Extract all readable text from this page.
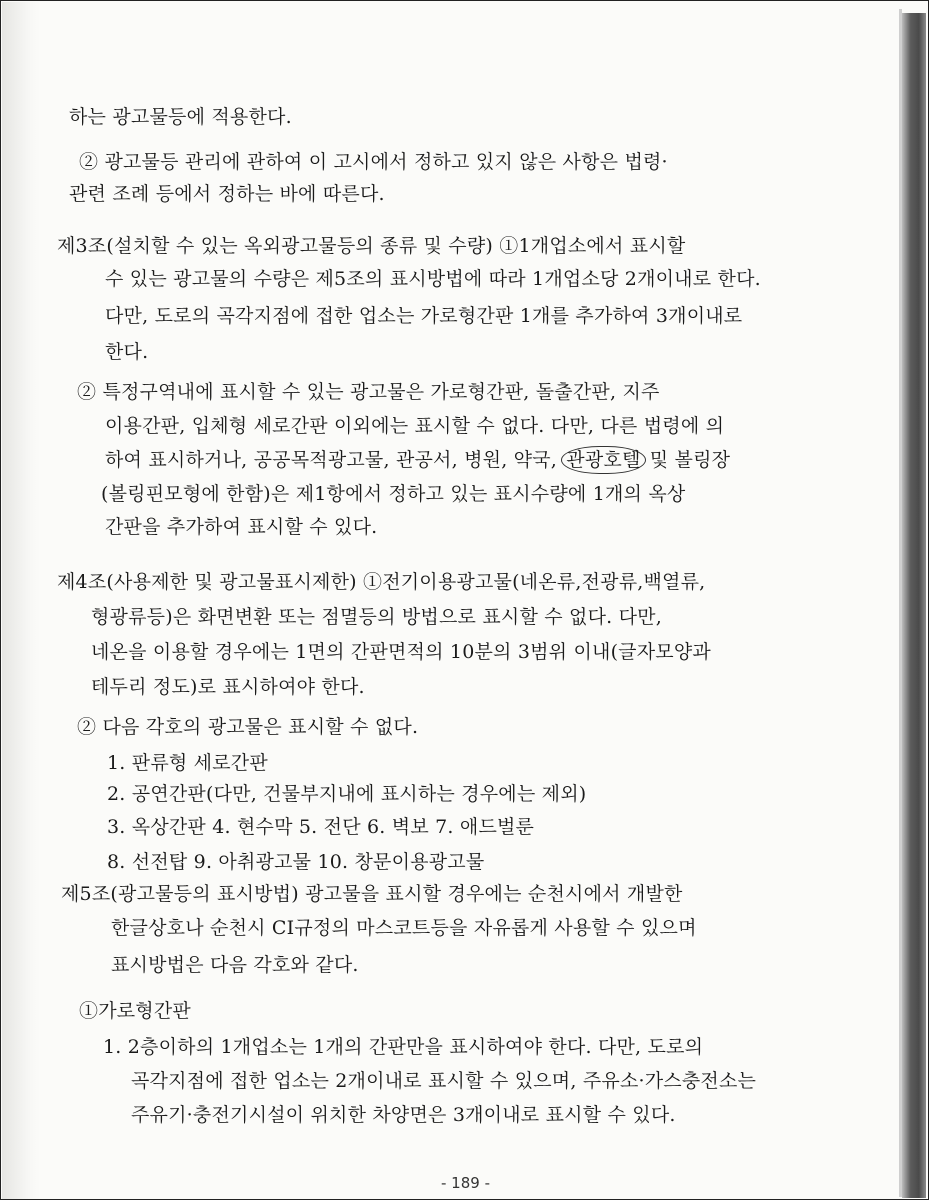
하는 광고물등에 적용한다.
② 광고물등 관리에 관하여 이 고시에서 정하고 있지 않은 사항은 법령·
관련 조례 등에서 정하는 바에 따른다.
제3조(설치할 수 있는 옥외광고물등의 종류 및 수량) ①1개업소에서 표시할
수 있는 광고물의 수량은 제5조의 표시방법에 따라 1개업소당 2개이내로 한다.
다만, 도로의 곡각지점에 접한 업소는 가로형간판 1개를 추가하여 3개이내로
한다.
② 특정구역내에 표시할 수 있는 광고물은 가로형간판, 돌출간판, 지주
이용간판, 입체형 세로간판 이외에는 표시할 수 없다. 다만, 다른 법령에 의
하여 표시하거나, 공공목적광고물, 관공서, 병원, 약국, 관광호텔 및 볼링장
(볼링핀모형에 한함)은 제1항에서 정하고 있는 표시수량에 1개의 옥상
간판을 추가하여 표시할 수 있다.
제4조(사용제한 및 광고물표시제한) ①전기이용광고물(네온류,전광류,백열류,
형광류등)은 화면변환 또는 점멸등의 방법으로 표시할 수 없다. 다만,
네온을 이용할 경우에는 1면의 간판면적의 10분의 3범위 이내(글자모양과
테두리 정도)로 표시하여야 한다.
② 다음 각호의 광고물은 표시할 수 없다.
1. 판류형 세로간판
2. 공연간판(다만, 건물부지내에 표시하는 경우에는 제외)
3. 옥상간판 4. 현수막 5. 전단 6. 벽보 7. 애드벌룬
8. 선전탑 9. 아취광고물 10. 창문이용광고물
제5조(광고물등의 표시방법) 광고물을 표시할 경우에는 순천시에서 개발한
한글상호나 순천시 CI규정의 마스코트등을 자유롭게 사용할 수 있으며
표시방법은 다음 각호와 같다.
①가로형간판
1. 2층이하의 1개업소는 1개의 간판만을 표시하여야 한다. 다만, 도로의
곡각지점에 접한 업소는 2개이내로 표시할 수 있으며, 주유소·가스충전소는
주유기·충전기시설이 위치한 차양면은 3개이내로 표시할 수 있다.
- 189 -
